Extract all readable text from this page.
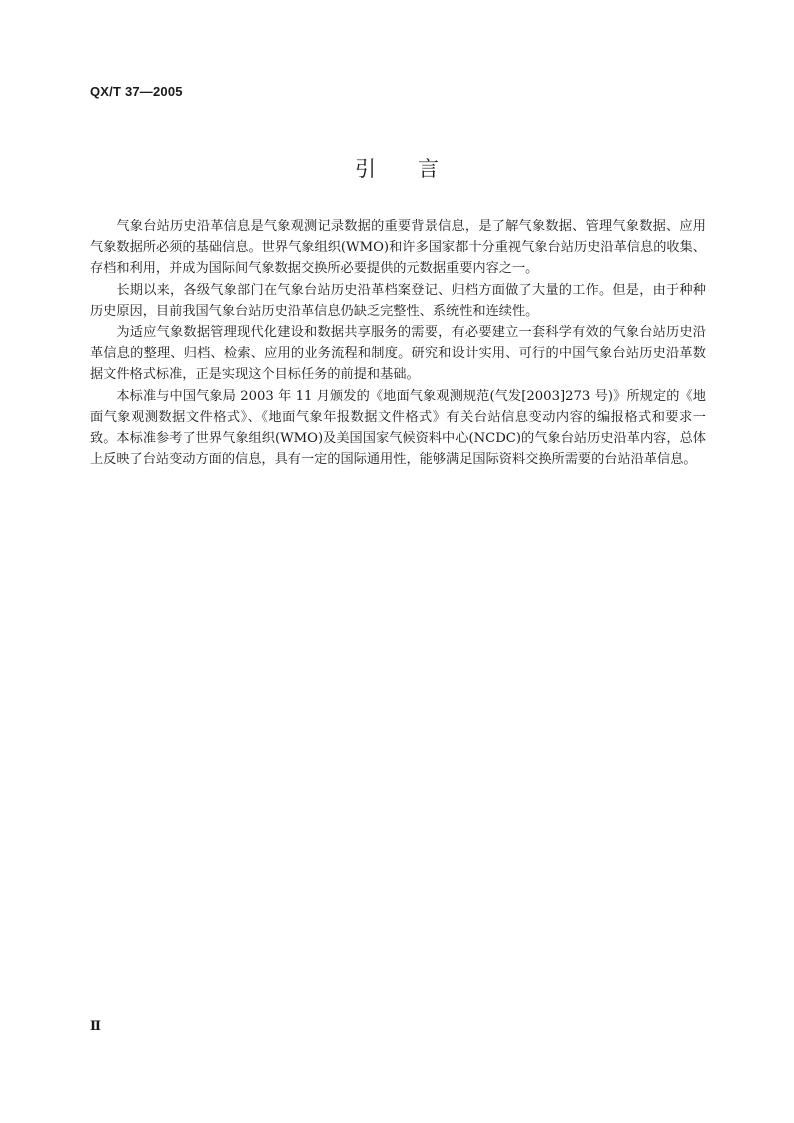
QX/T 37—2005
引言

气象台站历史沿革信息是气象观测记录数据的重要背景信息，是了解气象数据、管理气象数据、应用气象数据所必须的基础信息。世界气象组织(WMO)和许多国家都十分重视气象台站历史沿革信息的收集、存档和利用，并成为国际间气象数据交换所必要提供的元数据重要内容之一。

长期以来，各级气象部门在气象台站历史沿革档案登记、归档方面做了大量的工作。但是，由于种种历史原因，目前我国气象台站历史沿革信息仍缺乏完整性、系统性和连续性。

为适应气象数据管理现代化建设和数据共享服务的需要，有必要建立一套科学有效的气象台站历史沿革信息的整理、归档、检索、应用的业务流程和制度。研究和设计实用、可行的中国气象台站历史沿革数据文件格式标准，正是实现这个目标任务的前提和基础。

本标准与中国气象局 2003 年 11 月颁发的《地面气象观测规范(气发[2003]273 号)》所规定的《地面气象观测数据文件格式》、《地面气象年报数据文件格式》有关台站信息变动内容的编报格式和要求一致。本标准参考了世界气象组织(WMO)及美国国家气候资料中心(NCDC)的气象台站历史沿革内容，总体上反映了台站变动方面的信息，具有一定的国际通用性，能够满足国际资料交换所需要的台站沿革信息。

Ⅱ
